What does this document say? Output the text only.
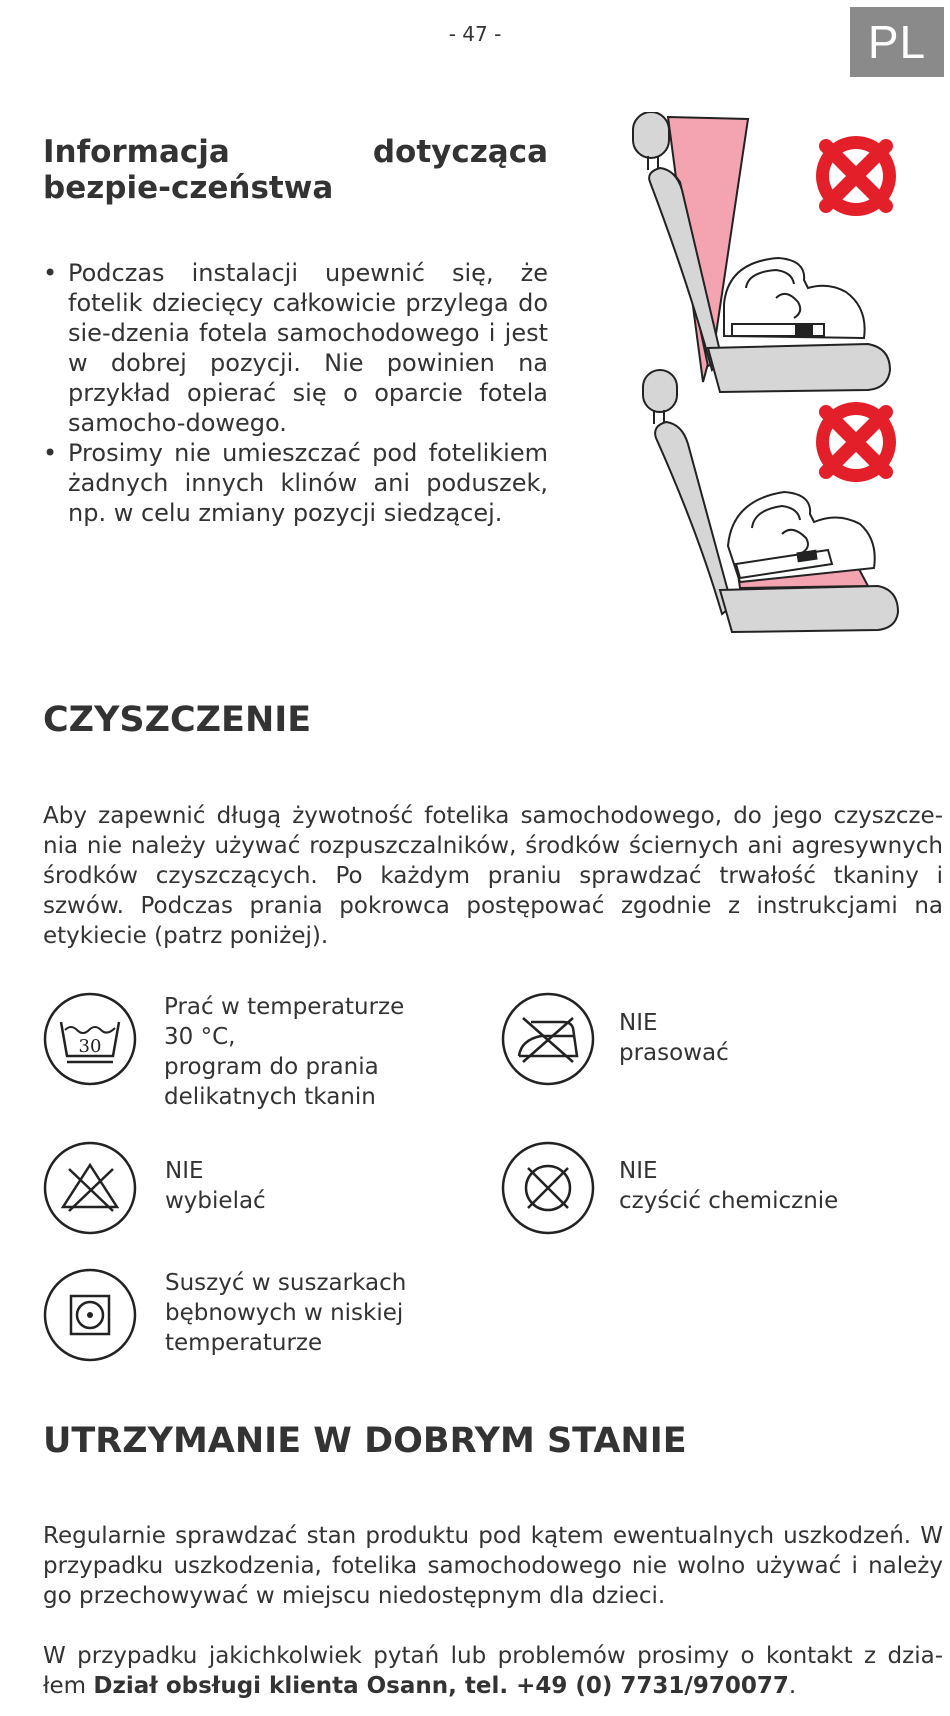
- 47 -	PL
Informacja dotycząca bezpie-czeństwa
• Podczas instalacji upewnić się, że fotelik dziecięcy całkowicie przylega do sie-dzenia fotela samochodowego i jest w dobrej pozycji. Nie powinien na przykład opierać się o oparcie fotela samocho-dowego.
• Prosimy nie umieszczać pod fotelikiem żadnych innych klinów ani poduszek, np. w celu zmiany pozycji siedzącej.
CZYSZCZENIE

Aby zapewnić długą żywotność fotelika samochodowego, do jego czyszcze-nia nie należy używać rozpuszczalników, środków ściernych ani agresywnych środków czyszczących. Po każdym praniu sprawdzać trwałość tkaniny i szwów. Podczas prania pokrowca postępować zgodnie z instrukcjami na etykiecie (patrz poniżej).

30
Prać w temperaturze
30 °C,
program do prania
delikatnych tkanin
NIE
prasować
NIE
wybielać
NIE
czyścić chemicznie
Suszyć w suszarkach
bębnowych w niskiej
temperaturze
UTRZYMANIE W DOBRYM STANIE

Regularnie sprawdzać stan produktu pod kątem ewentualnych uszkodzeń. W przypadku uszkodzenia, fotelika samochodowego nie wolno używać i należy go przechowywać w miejscu niedostępnym dla dzieci.

W przypadku jakichkolwiek pytań lub problemów prosimy o kontakt z dzia-łem Dział obsługi klienta Osann, tel. +49 (0) 7731/970077.
